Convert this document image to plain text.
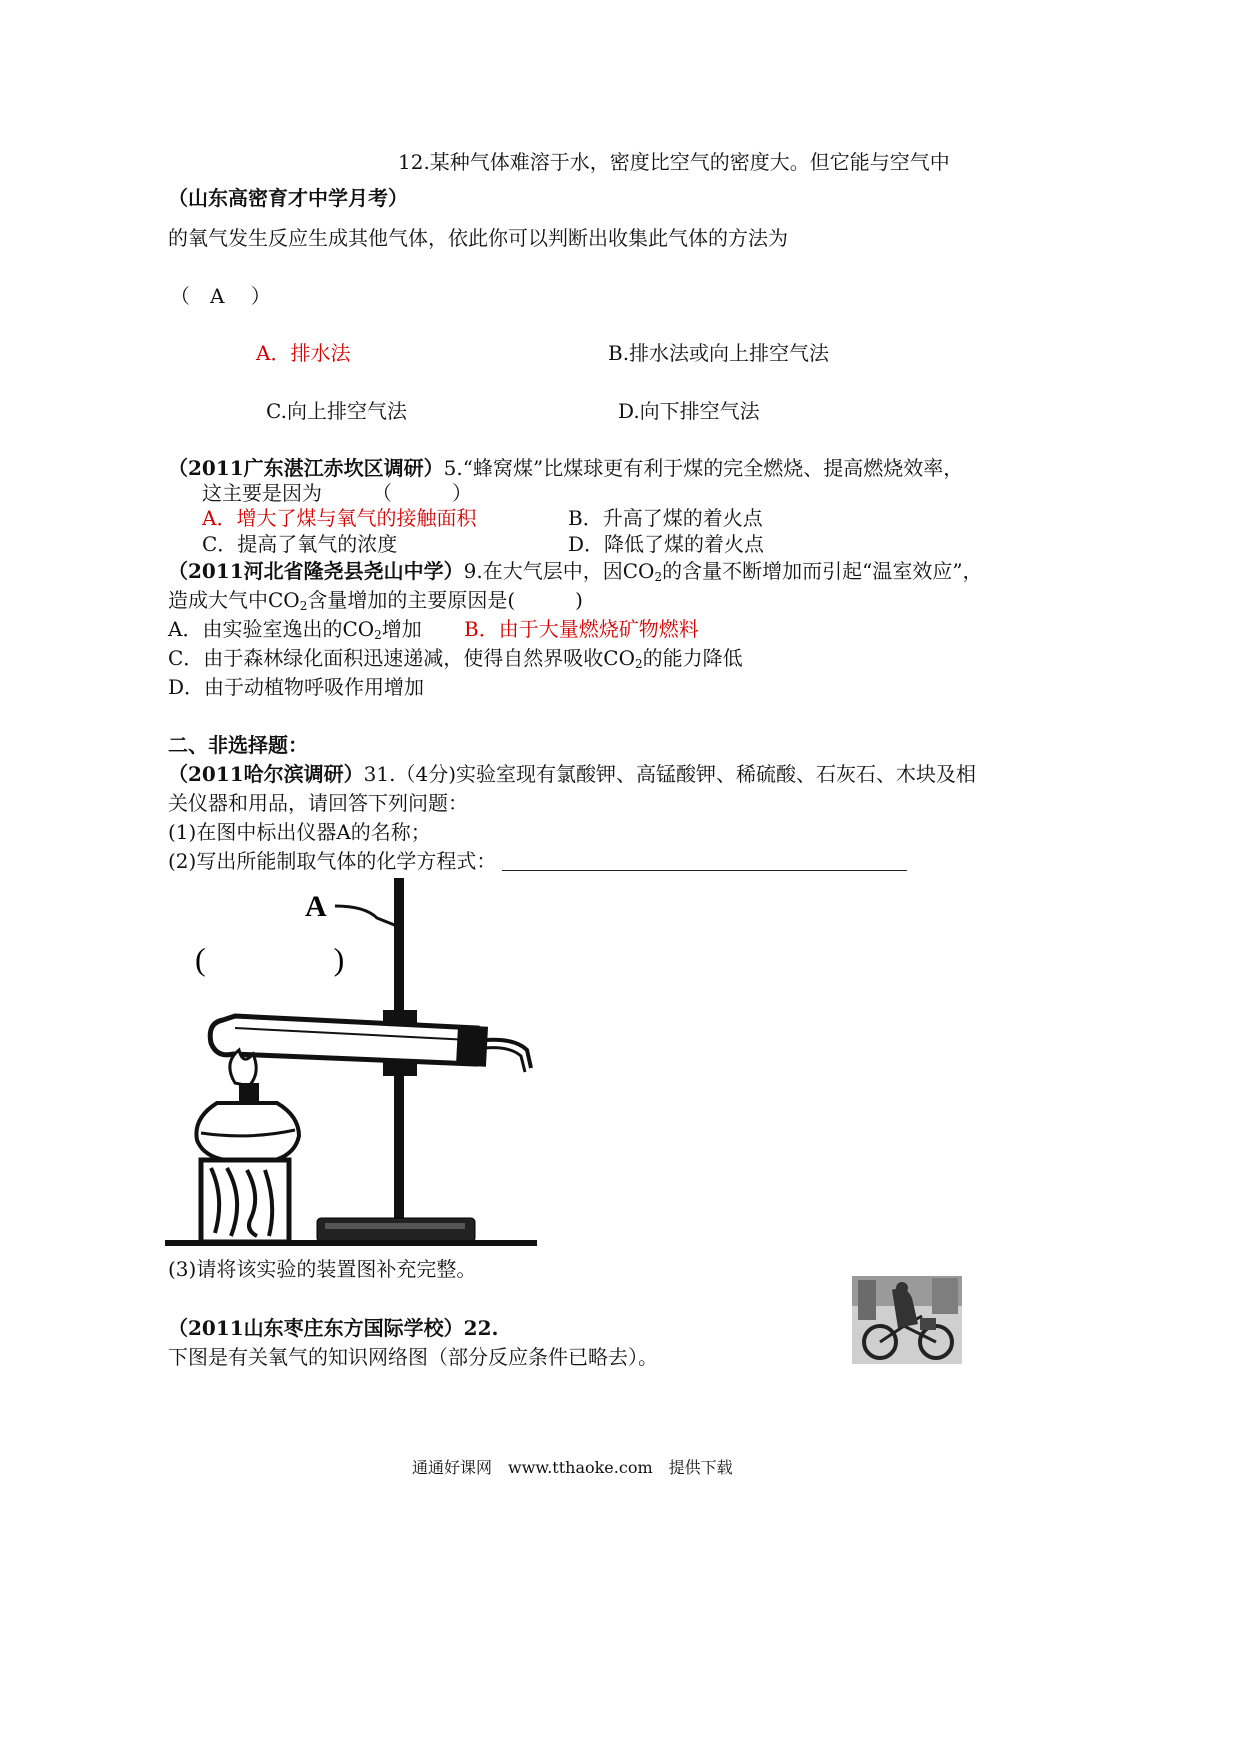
12.某种气体难溶于水，密度比空气的密度大。但它能与空气中
（山东高密育才中学月考）
的氧气发生反应生成其他气体，依此你可以判断出收集此气体的方法为
（　A　 ）
A．排水法	B.排水法或向上排空气法
C.向上排空气法	D.向下排空气法
（2011广东湛江赤坎区调研）5.“蜂窝煤”比煤球更有利于煤的完全燃烧、提高燃烧效率，
这主要是因为　　　（　　　）
A．增大了煤与氧气的接触面积	B．升高了煤的着火点
C．提高了氧气的浓度	D．降低了煤的着火点
（2011河北省隆尧县尧山中学）9.在大气层中，因$CO_2$的含量不断增加而引起“温室效应”，
造成大气中$CO_2$含量增加的主要原因是(　　　)
A．由实验室逸出的$CO_2$增加 B．由于大量燃烧矿物燃料
C．由于森林绿化面积迅速递减，使得自然界吸收$CO_2$的能力降低
D．由于动植物呼吸作用增加
二、非选择题：
（2011哈尔滨调研）31.（4分)实验室现有氯酸钾、高锰酸钾、稀硫酸、石灰石、木块及相
关仪器和用品，请回答下列问题：
(1)在图中标出仪器A的名称；
(2)写出所能制取气体的化学方程式：
A
(　　　　)
(3)请将该实验的装置图补充完整。
（2011山东枣庄东方国际学校）22.
下图是有关氧气的知识网络图（部分反应条件已略去）。
通通好课网　www.tthaoke.com　提供下载
